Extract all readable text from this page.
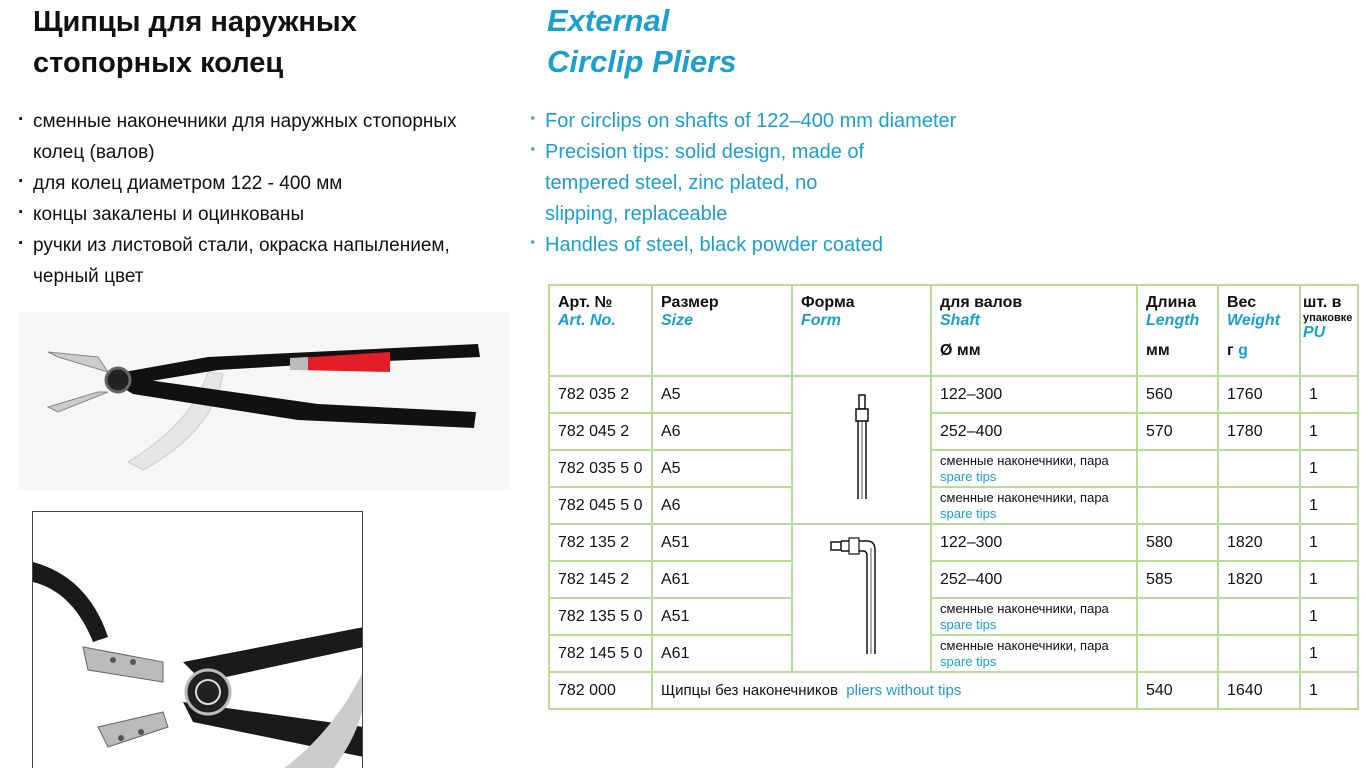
Щипцы для наружных
стопорных колец
External
Circlip Pliers
· сменные наконечники для наружных стопорных колец (валов)
· для колец диаметром 122 - 400 мм
· концы закалены и оцинкованы
· ручки из листовой стали, окраска напылением, черный цвет
· For circlips on shafts of 122–400 mm diameter
· Precision tips: solid design, made of tempered steel, zinc plated, no slipping, replaceable
· Handles of steel, black powder coated
Арт. №
Art. No.	Размер
Size	Форма
Form	для валов
Shaft
Ø мм	Длина
Length
мм	Вес
Weight
г g	шт. в
упаковке
PU
782 035 2	A5		122–300	560	1760	1
782 045 2	A6		252–400	570	1780	1
782 035 5 0	A5		сменные наконечники, пара
spare tips			1
782 045 5 0	A6		сменные наконечники, пара
spare tips			1
782 135 2	A51		122–300	580	1820	1
782 145 2	A61		252–400	585	1820	1
782 135 5 0	A51		сменные наконечники, пара
spare tips			1
782 145 5 0	A61		сменные наконечники, пара
spare tips			1
782 000	Щипцы без наконечников pliers without tips			540	1640	1
